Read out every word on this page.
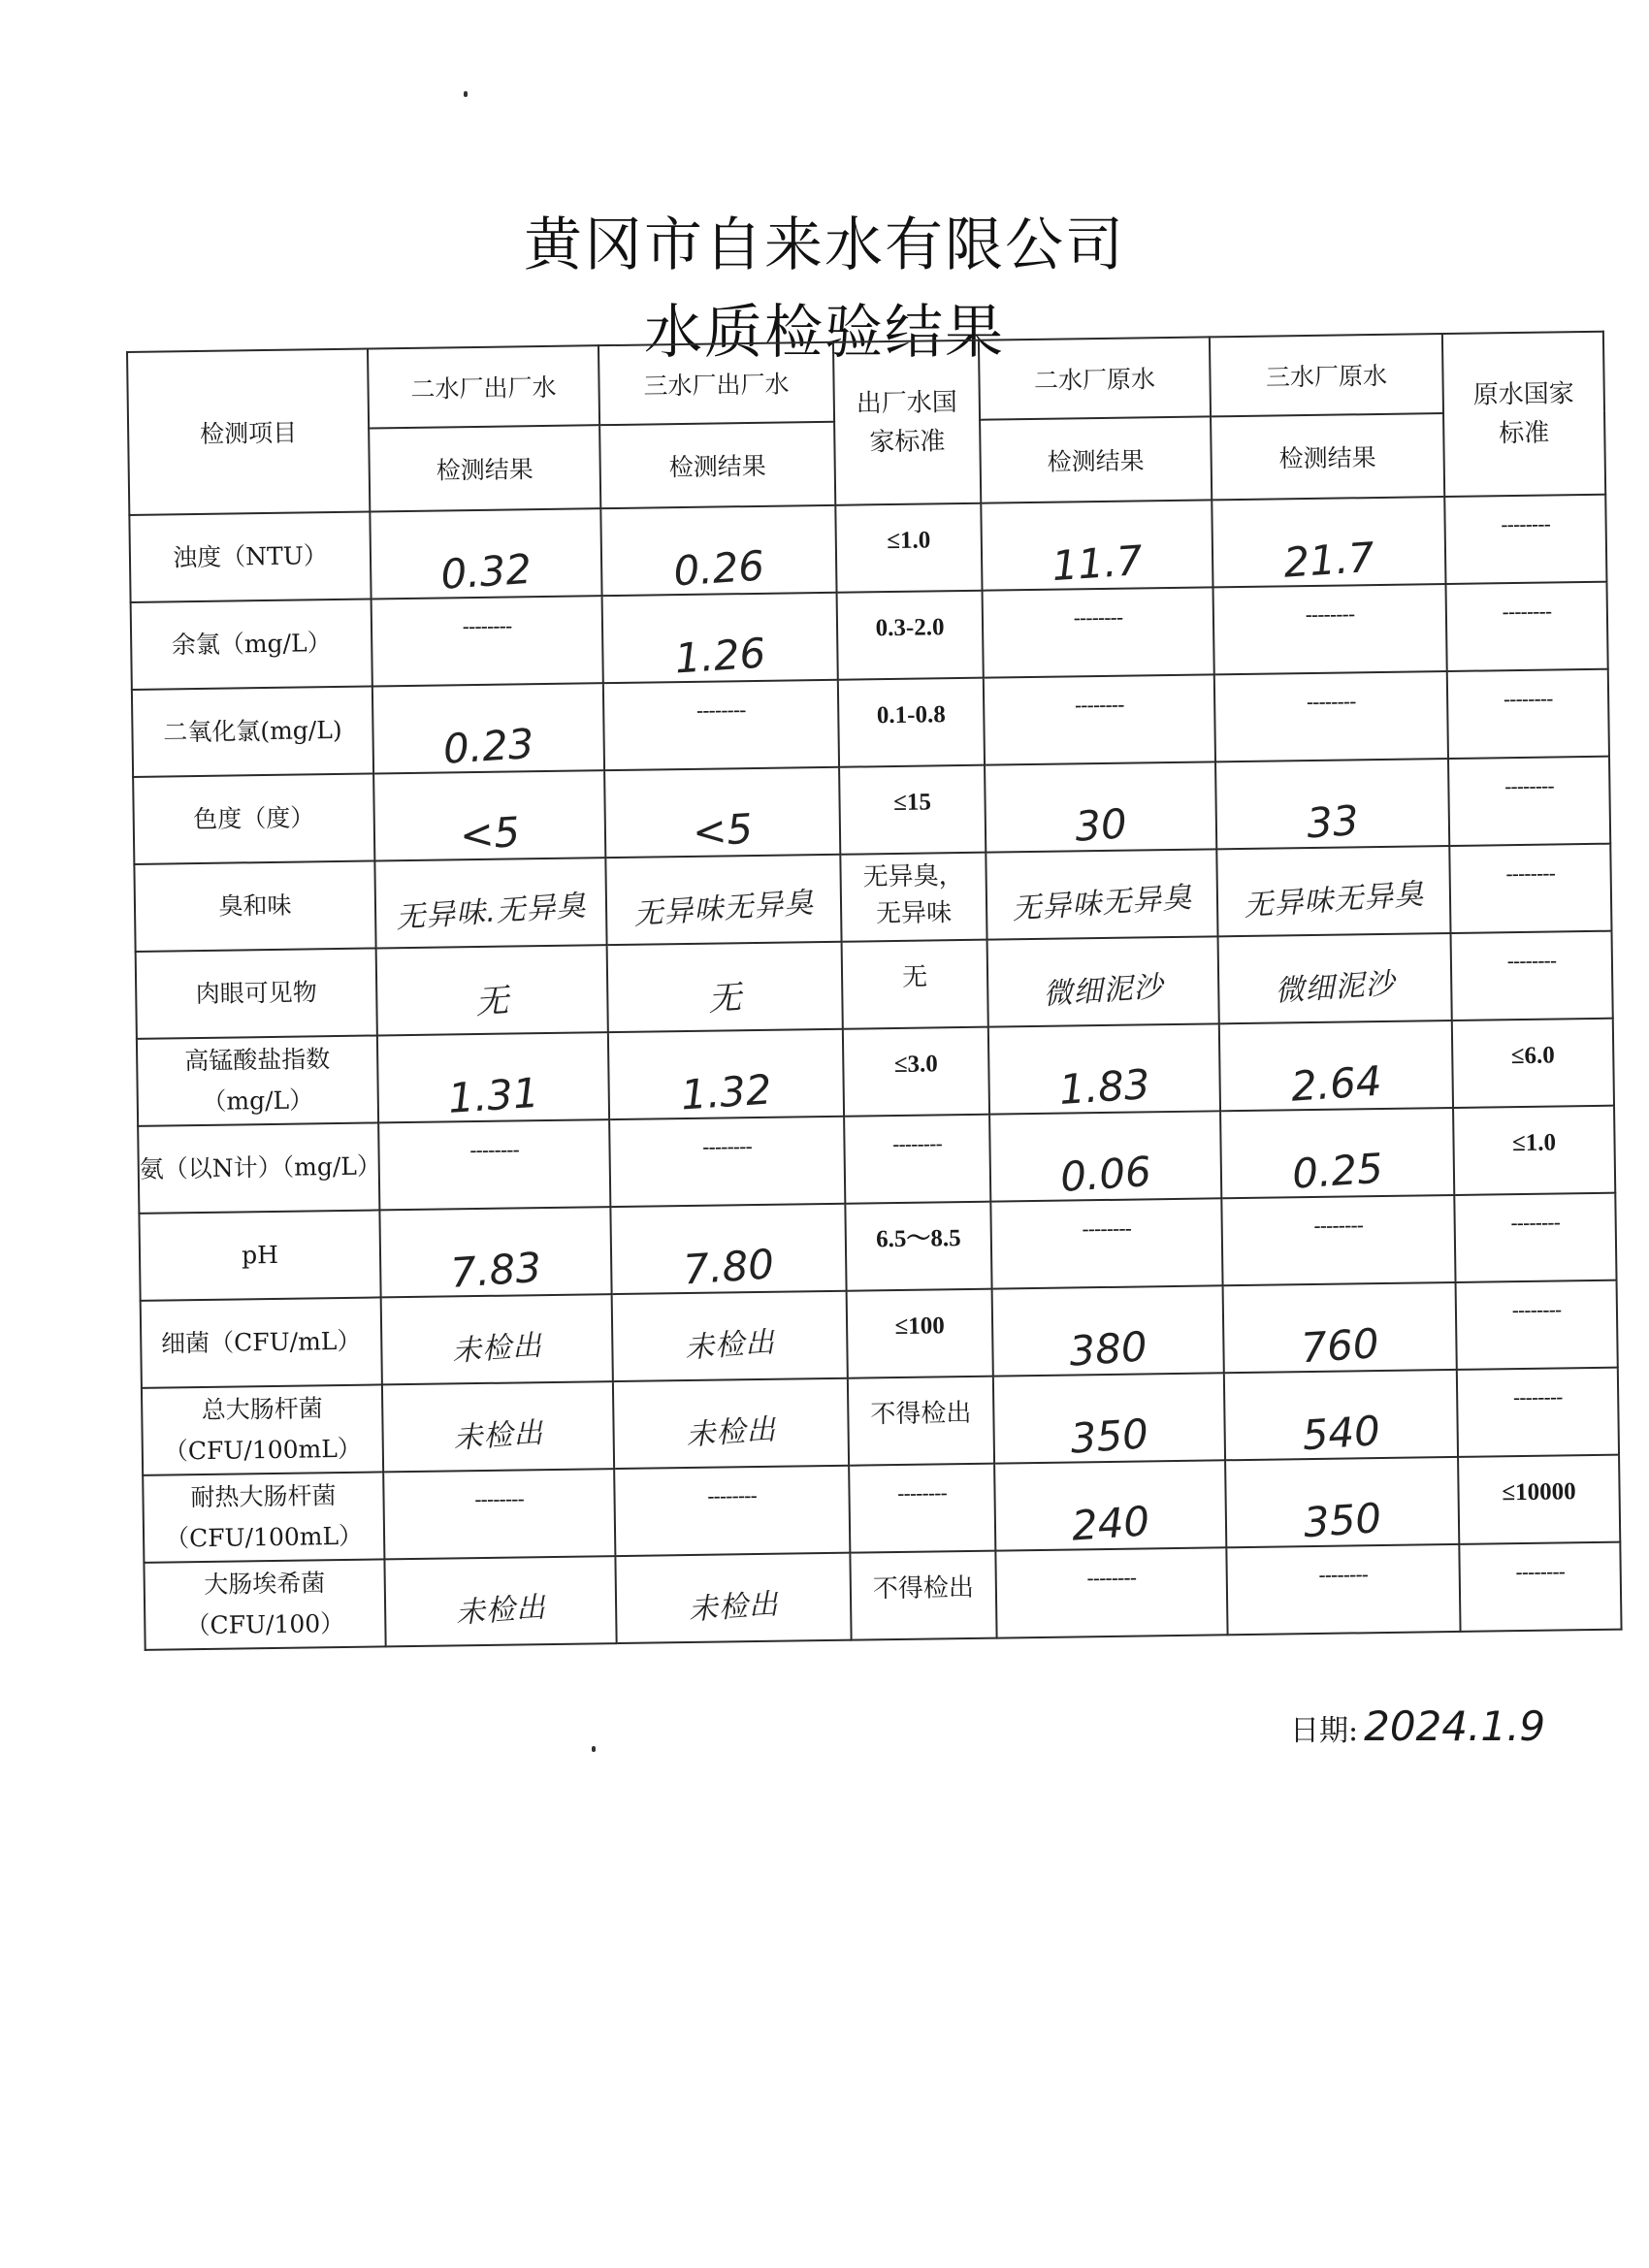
黄冈市自来水有限公司
水质检验结果
检测项目	二水厂出厂水	三水厂出厂水	出厂水国家标准	二水厂原水	三水厂原水	原水国家标准

	检测结果	检测结果		检测结果	检测结果	
浊度（NTU）	0.32	0.26	≤1.0	11.7	21.7	--------

余氯（mg/L）	--------	1.26	0.3-2.0	--------	--------	--------

二氧化氯(mg/L)	0.23	--------	0.1-0.8	--------	--------	--------

色度（度）	<5	<5	≤15	30	33	--------

臭和味	无异味.无异臭	无异味无异臭	无异臭，无异味	无异味无异臭	无异味无异臭	--------

肉眼可见物	无	无	无	微细泥沙	微细泥沙	--------

高锰酸盐指数（mg/L）	1.31	1.32	≤3.0	1.83	2.64	≤6.0

氨（以N计）（mg/L）	--------	--------	--------	0.06	0.25	≤1.0

pH	7.83	7.80	6.5～8.5	--------	--------	--------

细菌（CFU/mL）	未检出	未检出	≤100	380	760	--------

总大肠杆菌（CFU/100mL）	未检出	未检出	不得检出	350	540	--------

耐热大肠杆菌（CFU/100mL）	--------	--------	--------	240	350	≤10000

大肠埃希菌（CFU/100）	未检出	未检出	不得检出	--------	--------	--------
日期: 2024.1.9
